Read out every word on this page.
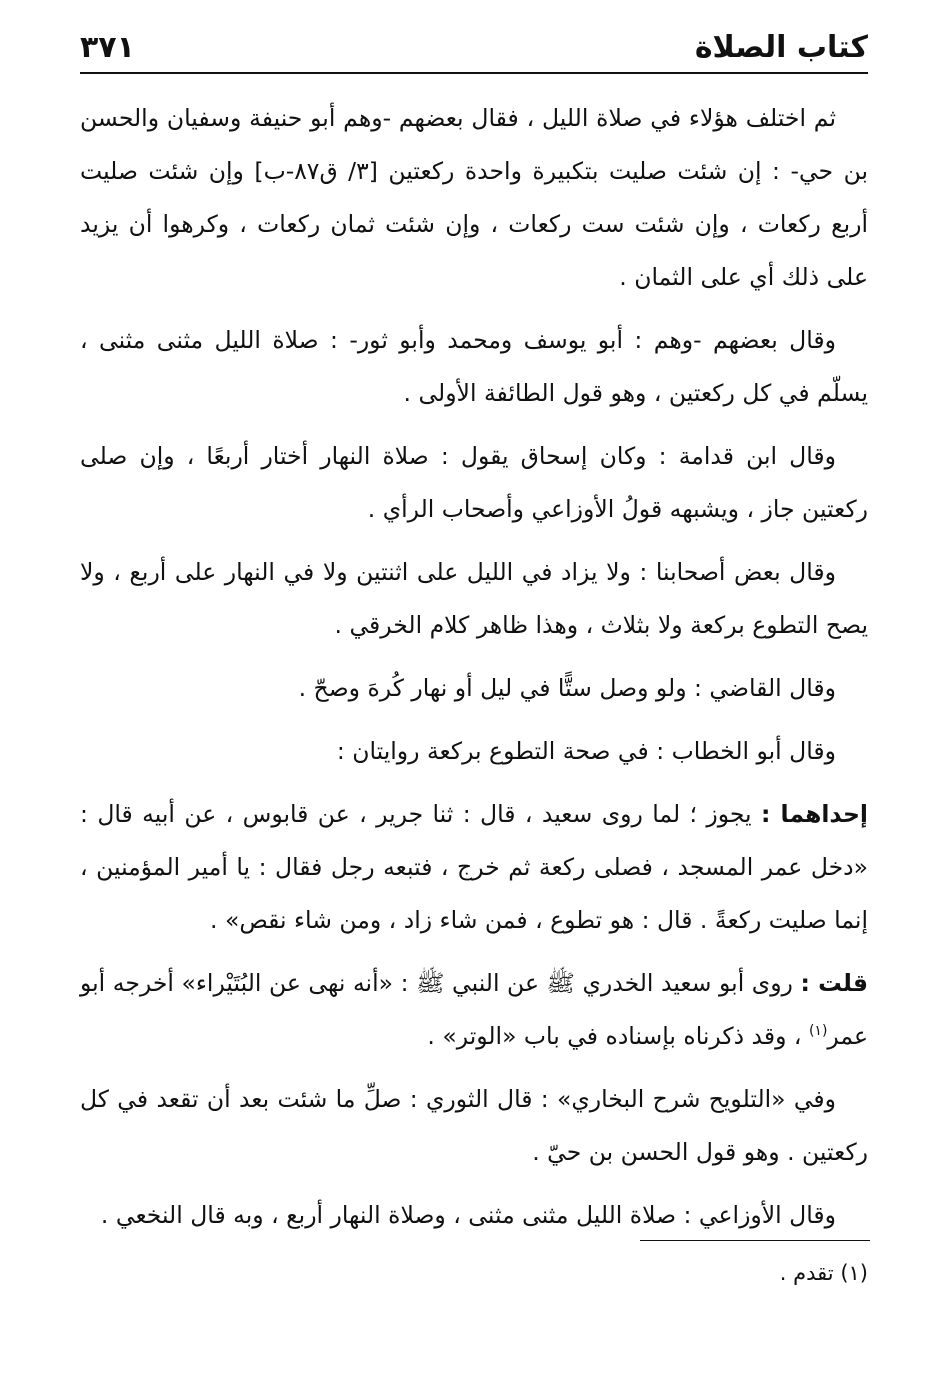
كتاب الصلاة
٣٧١

ثم اختلف هؤلاء في صلاة الليل ، فقال بعضهم -وهم أبو حنيفة وسفيان والحسن بن حي- : إن شئت صليت بتكبيرة واحدة ركعتين [٣/ ق٨٧-ب] وإن شئت صليت أربع ركعات ، وإن شئت ست ركعات ، وإن شئت ثمان ركعات ، وكرهوا أن يزيد على ذلك أي على الثمان .

وقال بعضهم -وهم : أبو يوسف ومحمد وأبو ثور- : صلاة الليل مثنى مثنى ، يسلّم في كل ركعتين ، وهو قول الطائفة الأولى .

وقال ابن قدامة : وكان إسحاق يقول : صلاة النهار أختار أربعًا ، وإن صلى ركعتين جاز ، ويشبهه قولُ الأوزاعي وأصحاب الرأي .

وقال بعض أصحابنا : ولا يزاد في الليل على اثنتين ولا في النهار على أربع ، ولا يصح التطوع بركعة ولا بثلاث ، وهذا ظاهر كلام الخرقي .

وقال القاضي : ولو وصل ستًّا في ليل أو نهار كُرهَ وصحّ .

وقال أبو الخطاب : في صحة التطوع بركعة روايتان :

إحداهما : يجوز ؛ لما روى سعيد ، قال : ثنا جرير ، عن قابوس ، عن أبيه قال : «دخل عمر المسجد ، فصلى ركعة ثم خرج ، فتبعه رجل فقال : يا أمير المؤمنين ، إنما صليت ركعةً . قال : هو تطوع ، فمن شاء زاد ، ومن شاء نقص» .

قلت : روى أبو سعيد الخدري ﷺ عن النبي ﷺ : «أنه نهى عن البُتَيْراء» أخرجه أبو عمر$^{(١)}$ ، وقد ذكرناه بإسناده في باب «الوتر» .

وفي «التلويح شرح البخاري» : قال الثوري : صلِّ ما شئت بعد أن تقعد في كل ركعتين . وهو قول الحسن بن حيّ .

وقال الأوزاعي : صلاة الليل مثنى مثنى ، وصلاة النهار أربع ، وبه قال النخعي .

(١) تقدم .
